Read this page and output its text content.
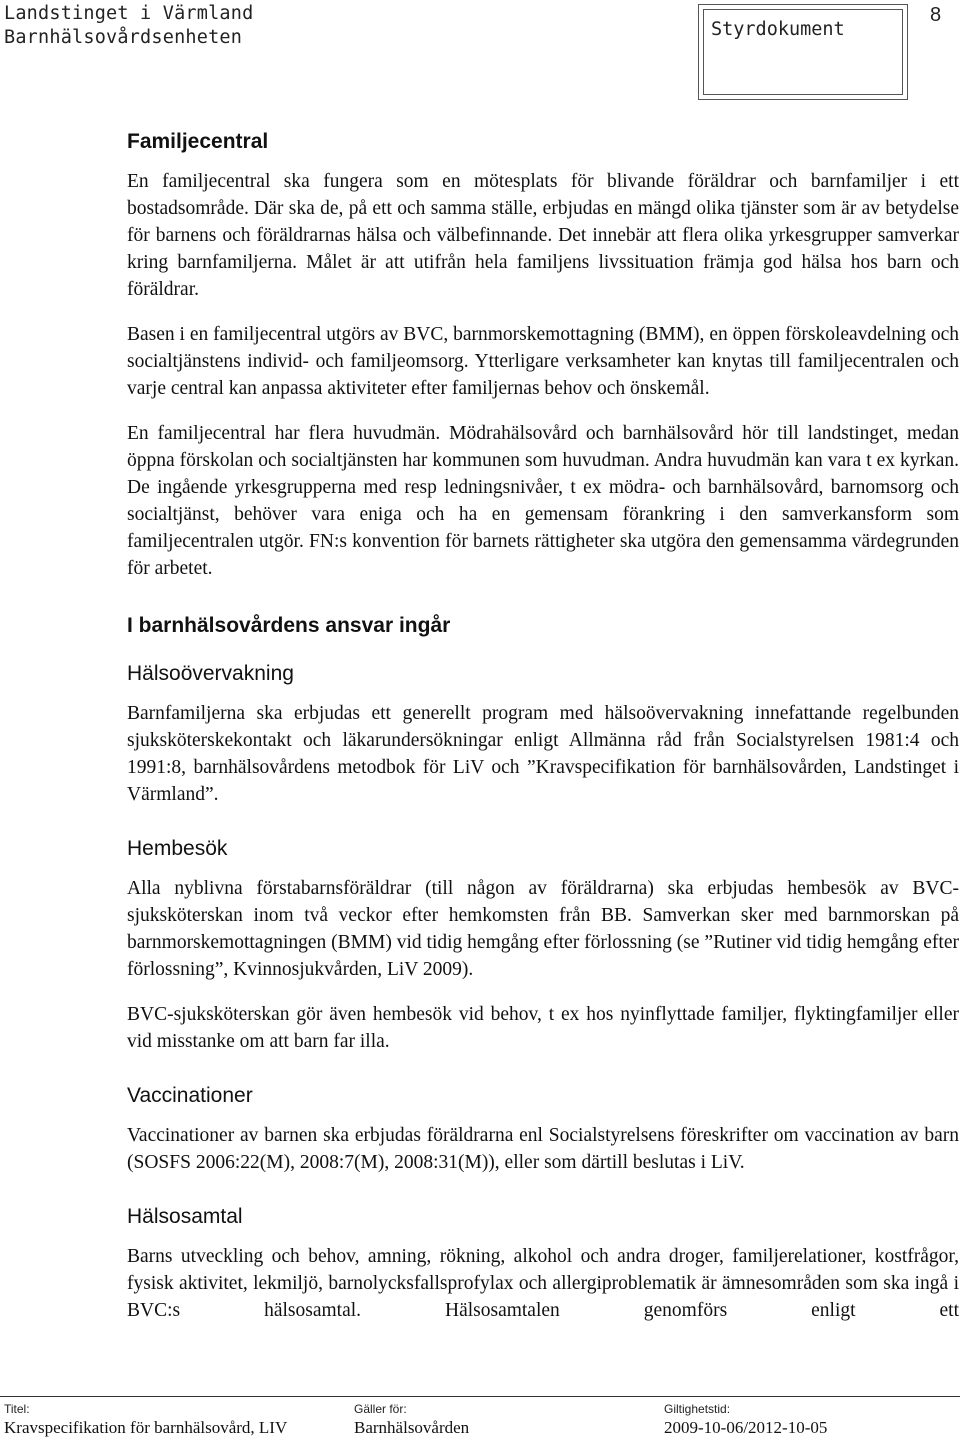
Landstinget i Värmland
Barnhälsovårdsenheten	Styrdokument
8
Familjecentral

En familjecentral ska fungera som en mötesplats för blivande föräldrar och barnfamiljer i ett bostadsområde. Där ska de, på ett och samma ställe, erbjudas en mängd olika tjänster som är av betydelse för barnens och föräldrarnas hälsa och välbefinnande. Det innebär att flera olika yrkesgrupper samverkar kring barnfamiljerna. Målet är att utifrån hela familjens livssituation främja god hälsa hos barn och föräldrar.

Basen i en familjecentral utgörs av BVC, barnmorskemottagning (BMM), en öppen förskoleavdelning och socialtjänstens individ- och familjeomsorg. Ytterligare verksamheter kan knytas till familjecentralen och varje central kan anpassa aktiviteter efter familjernas behov och önskemål.

En familjecentral har flera huvudmän. Mödrahälsovård och barnhälsovård hör till landstinget, medan öppna förskolan och socialtjänsten har kommunen som huvudman. Andra huvudmän kan vara t ex kyrkan. De ingående yrkesgrupperna med resp ledningsnivåer, t ex mödra- och barnhälsovård, barnomsorg och socialtjänst, behöver vara eniga och ha en gemensam förankring i den samverkansform som familjecentralen utgör. FN:s konvention för barnets rättigheter ska utgöra den gemensamma värdegrunden för arbetet.

I barnhälsovårdens ansvar ingår
Hälsoövervakning

Barnfamiljerna ska erbjudas ett generellt program med hälsoövervakning innefattande regelbunden sjuksköterskekontakt och läkarundersökningar enligt Allmänna råd från Socialstyrelsen 1981:4 och 1991:8, barnhälsovårdens metodbok för LiV och ”Kravspecifikation för barnhälsovården, Landstinget i Värmland”.

Hembesök

Alla nyblivna förstabarnsföräldrar (till någon av föräldrarna) ska erbjudas hembesök av BVC-sjuksköterskan inom två veckor efter hemkomsten från BB. Samverkan sker med barnmorskan på barnmorskemottagningen (BMM) vid tidig hemgång efter förlossning (se ”Rutiner vid tidig hemgång efter förlossning”, Kvinnosjukvården, LiV 2009).

BVC-sjuksköterskan gör även hembesök vid behov, t ex hos nyinflyttade familjer, flyktingfamiljer eller vid misstanke om att barn far illa.

Vaccinationer

Vaccinationer av barnen ska erbjudas föräldrarna enl Socialstyrelsens föreskrifter om vaccination av barn (SOSFS 2006:22(M), 2008:7(M), 2008:31(M)), eller som därtill beslutas i LiV.

Hälsosamtal

Barns utveckling och behov, amning, rökning, alkohol och andra droger, familjerelationer, kostfrågor, fysisk aktivitet, lekmiljö, barnolycksfallsprofylax och allergiproblematik är ämnesområden som ska ingå i BVC:s hälsosamtal. Hälsosamtalen genomförs enligt ett

Titel:
Kravspecifikation för barnhälsovård, LIV
Gäller för:
Barnhälsovården
Giltighetstid:
2009-10-06/2012-10-05
